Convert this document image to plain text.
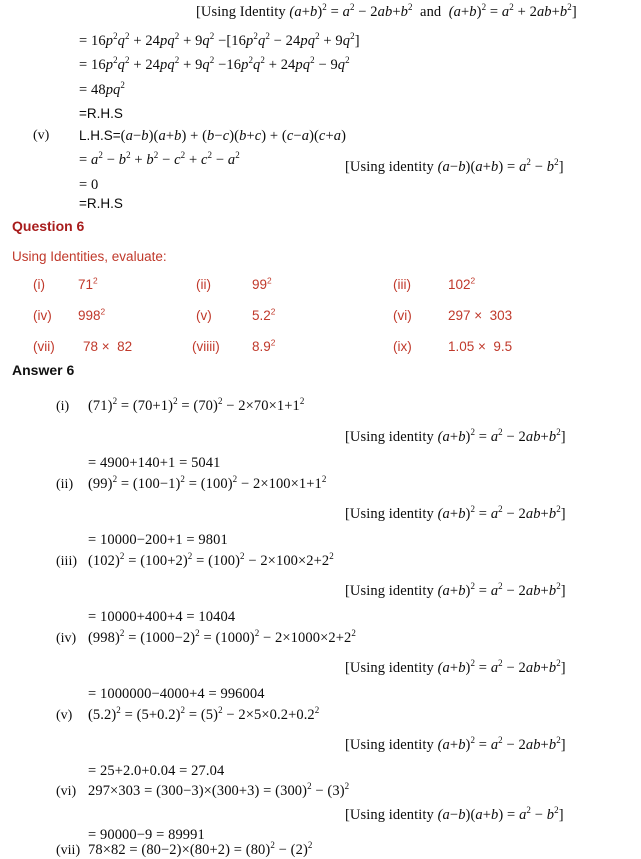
[Using Identity $(a+b)^2 = a^2 - 2ab+b^2$  and  $(a+b)^2 = a^2 + 2ab+b^2$]
= $16p^2q^2 + 24pq^2 + 9q^2 -[16p^2q^2 - 24pq^2 + 9q^2]$
= $16p^2q^2 + 24pq^2 + 9q^2 -16p^2q^2 + 24pq^2 - 9q^2$
= $48pq^2$
=R.H.S
(v) L.H.S=(a−b)(a+b) + (b−c)(b+c) + (c−a)(c+a)
= $a^2 - b^2 + b^2 - c^2 + c^2 - a^2$
[Using identity $(a-b)(a+b) = a^2 - b^2$]
= 0
=R.H.S
Question 6
Using Identities, evaluate:
(i) $71^2$	(ii)	$99^2$	(iii)	$102^2$
(iv) $998^2$	(v)	$5.2^2$	(vi)	297 ×  303
(vii) 78 ×  82	(viiii) $8.9^2$	(ix)	1.05 ×  9.5
Answer 6
(i) $(71)^2 = (70+1)^2 = (70)^2 - 2\times 70\times 1+1^2$
[Using identity $(a+b)^2 = a^2 - 2ab+b^2$]
= 4900+140+1 = 5041
(ii) $(99)^2 = (100-1)^2 = (100)^2 - 2\times 100\times 1+1^2$
[Using identity $(a+b)^2 = a^2 - 2ab+b^2$]
= 10000−200+1 = 9801
(iii) $(102)^2 = (100+2)^2 = (100)^2 - 2\times 100\times 2+2^2$
[Using identity $(a+b)^2 = a^2 - 2ab+b^2$]
= 10000+400+4 = 10404
(iv) $(998)^2 = (1000-2)^2 = (1000)^2 - 2\times 1000\times 2+2^2$
[Using identity $(a+b)^2 = a^2 - 2ab+b^2$]
= 1000000−4000+4 = 996004
(v) $(5.2)^2 = (5+0.2)^2 = (5)^2 - 2\times 5\times 0.2+0.2^2$
[Using identity $(a+b)^2 = a^2 - 2ab+b^2$]
= 25+2.0+0.04 = 27.04
(vi) $297\times 303 = (300-3)\times(300+3) = (300)^2 - (3)^2$
[Using identity $(a-b)(a+b) = a^2 - b^2$]
= 90000−9 = 89991
(vii) $78\times 82 = (80-2)\times(80+2) = (80)^2 - (2)^2$
